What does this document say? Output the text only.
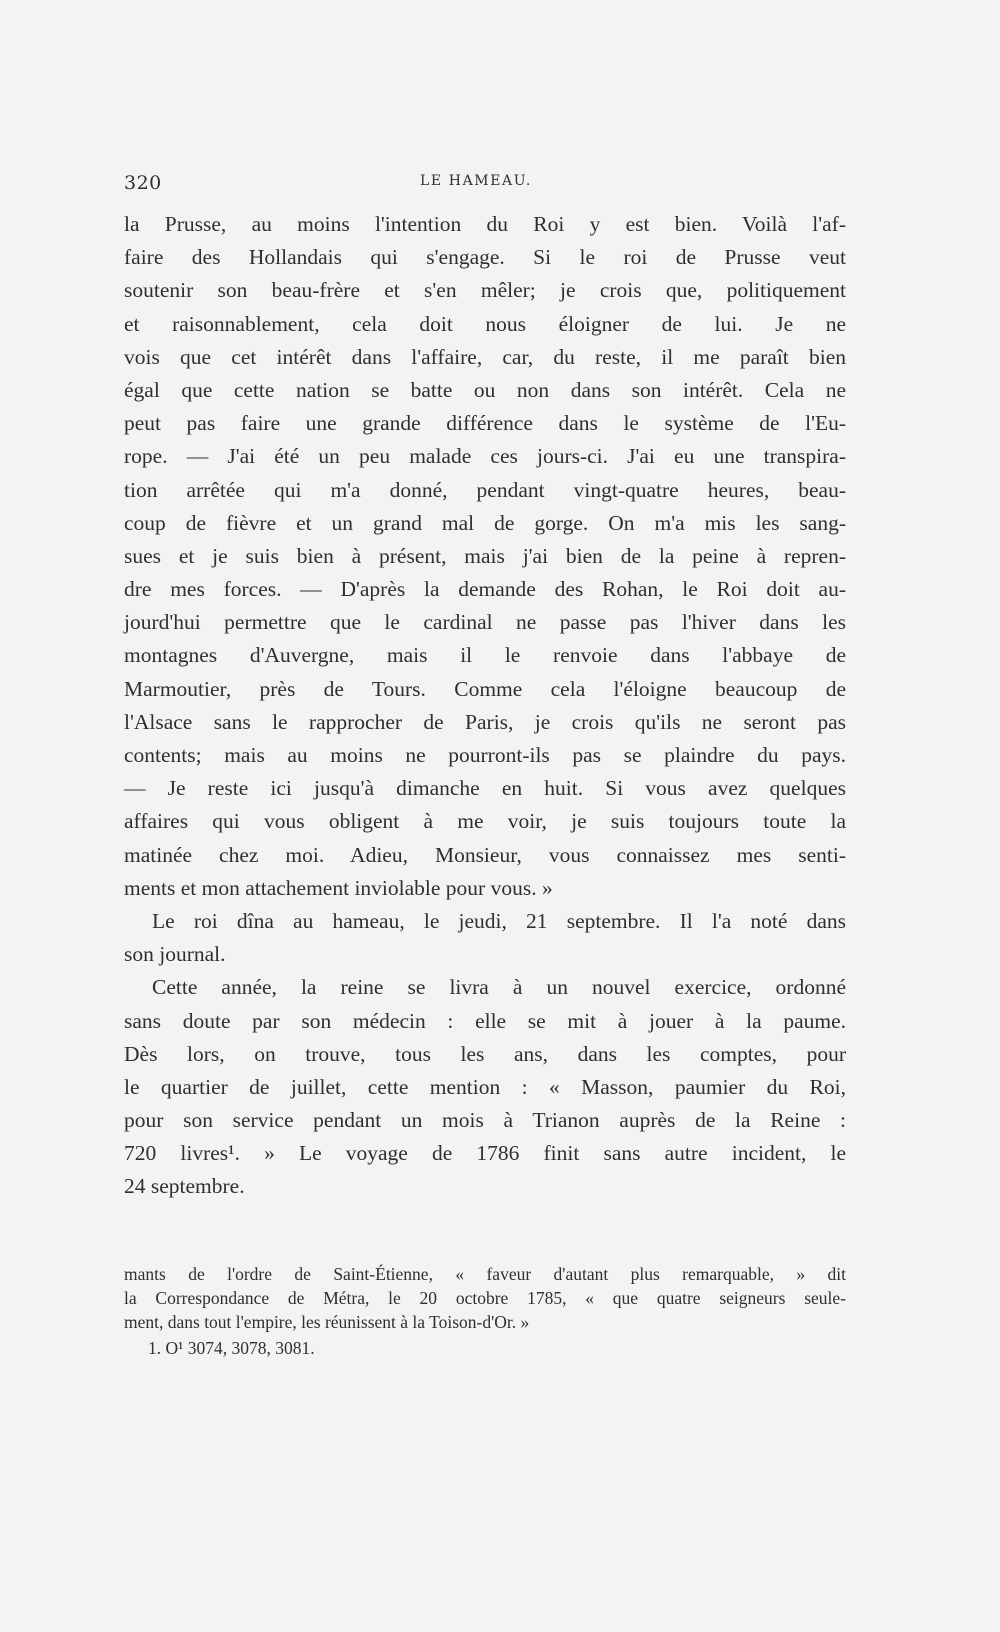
320	LE HAMEAU.
la Prusse, au moins l'intention du Roi y est bien. Voilà l'af-
faire des Hollandais qui s'engage. Si le roi de Prusse veut
soutenir son beau-frère et s'en mêler; je crois que, politiquement
et raisonnablement, cela doit nous éloigner de lui. Je ne
vois que cet intérêt dans l'affaire, car, du reste, il me paraît bien
égal que cette nation se batte ou non dans son intérêt. Cela ne
peut pas faire une grande différence dans le système de l'Eu-
rope. — J'ai été un peu malade ces jours-ci. J'ai eu une transpira-
tion arrêtée qui m'a donné, pendant vingt-quatre heures, beau-
coup de fièvre et un grand mal de gorge. On m'a mis les sang-
sues et je suis bien à présent, mais j'ai bien de la peine à repren-
dre mes forces. — D'après la demande des Rohan, le Roi doit au-
jourd'hui permettre que le cardinal ne passe pas l'hiver dans les
montagnes d'Auvergne, mais il le renvoie dans l'abbaye de
Marmoutier, près de Tours. Comme cela l'éloigne beaucoup de
l'Alsace sans le rapprocher de Paris, je crois qu'ils ne seront pas
contents; mais au moins ne pourront-ils pas se plaindre du pays.
— Je reste ici jusqu'à dimanche en huit. Si vous avez quelques
affaires qui vous obligent à me voir, je suis toujours toute la
matinée chez moi. Adieu, Monsieur, vous connaissez mes senti-
ments et mon attachement inviolable pour vous. »
Le roi dîna au hameau, le jeudi, 21 septembre. Il l'a noté dans
son journal.
Cette année, la reine se livra à un nouvel exercice, ordonné
sans doute par son médecin : elle se mit à jouer à la paume.
Dès lors, on trouve, tous les ans, dans les comptes, pour
le quartier de juillet, cette mention : « Masson, paumier du Roi,
pour son service pendant un mois à Trianon auprès de la Reine :
720 livres¹. » Le voyage de 1786 finit sans autre incident, le
24 septembre.
mants de l'ordre de Saint-Étienne, « faveur d'autant plus remarquable, » dit
la Correspondance de Métra, le 20 octobre 1785, « que quatre seigneurs seule-
ment, dans tout l'empire, les réunissent à la Toison-d'Or. »
1. O¹ 3074, 3078, 3081.
